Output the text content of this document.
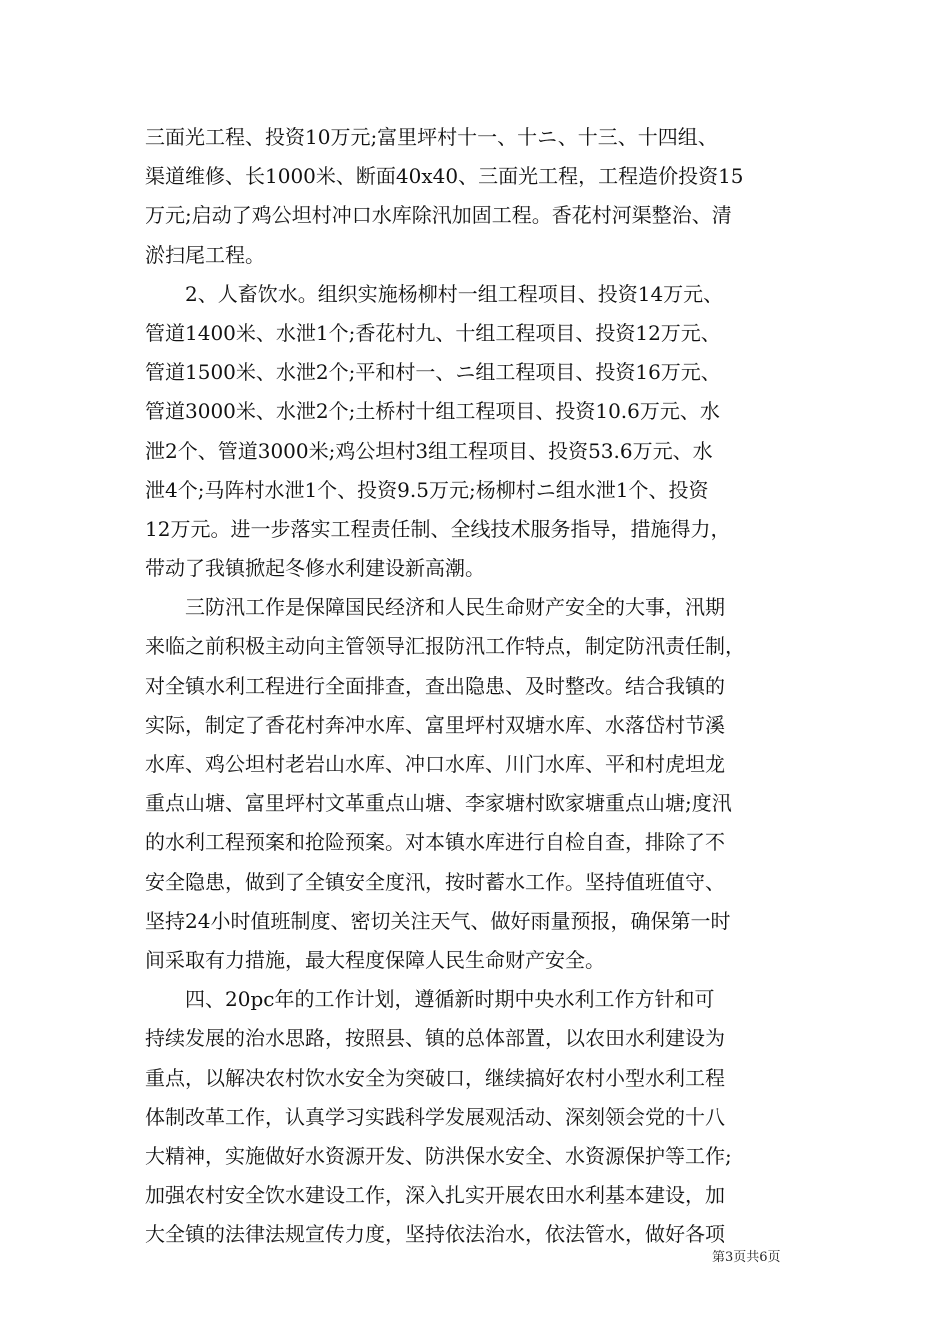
三面光工程、投资10万元;富里坪村十一、十ニ、十三、十四组、
渠道维修、长1000米、断面40x40、三面光工程，工程造价投资15
万元;启动了鸡公坦村冲口水库除汛加固工程。香花村河渠整治、清
淤扫尾工程。
2、人畜饮水。组织实施杨柳村一组工程项目、投资14万元、
管道1400米、水泄1个;香花村九、十组工程项目、投资12万元、
管道1500米、水泄2个;平和村一、ニ组工程项目、投资16万元、
管道3000米、水泄2个;土桥村十组工程项目、投资10.6万元、水
泄2个、管道3000米;鸡公坦村3组工程项目、投资53.6万元、水
泄4个;马阵村水泄1个、投资9.5万元;杨柳村ニ组水泄1个、投资
12万元。进一步落实工程责任制、全线技术服务指导，措施得力，
带动了我镇掀起冬修水利建设新高潮。
三防汛工作是保障国民经济和人民生命财产安全的大事，汛期
来临之前积极主动向主管领导汇报防汛工作特点，制定防汛责任制，
对全镇水利工程进行全面排查，查出隐患、及时整改。结合我镇的
实际，制定了香花村奔冲水库、富里坪村双塘水库、水落岱村节溪
水库、鸡公坦村老岩山水库、冲口水库、川门水库、平和村虎坦龙
重点山塘、富里坪村文革重点山塘、李家塘村欧家塘重点山塘;度汛
的水利工程预案和抢险预案。对本镇水库进行自检自查，排除了不
安全隐患，做到了全镇安全度汛，按时蓄水工作。坚持值班值守、
坚持24小时值班制度、密切关注天气、做好雨量预报，确保第一时
间采取有力措施，最大程度保障人民生命财产安全。
四、20pc年的工作计划，遵循新时期中央水利工作方针和可
持续发展的治水思路，按照县、镇的总体部置，以农田水利建设为
重点，以解决农村饮水安全为突破口，继续搞好农村小型水利工程
体制改革工作，认真学习实践科学发展观活动、深刻领会党的十八
大精神，实施做好水资源开发、防洪保水安全、水资源保护等工作;
加强农村安全饮水建设工作，深入扎实开展农田水利基本建设，加
大全镇的法律法规宣传力度，坚持依法治水，依法管水，做好各项
第3页共6页
